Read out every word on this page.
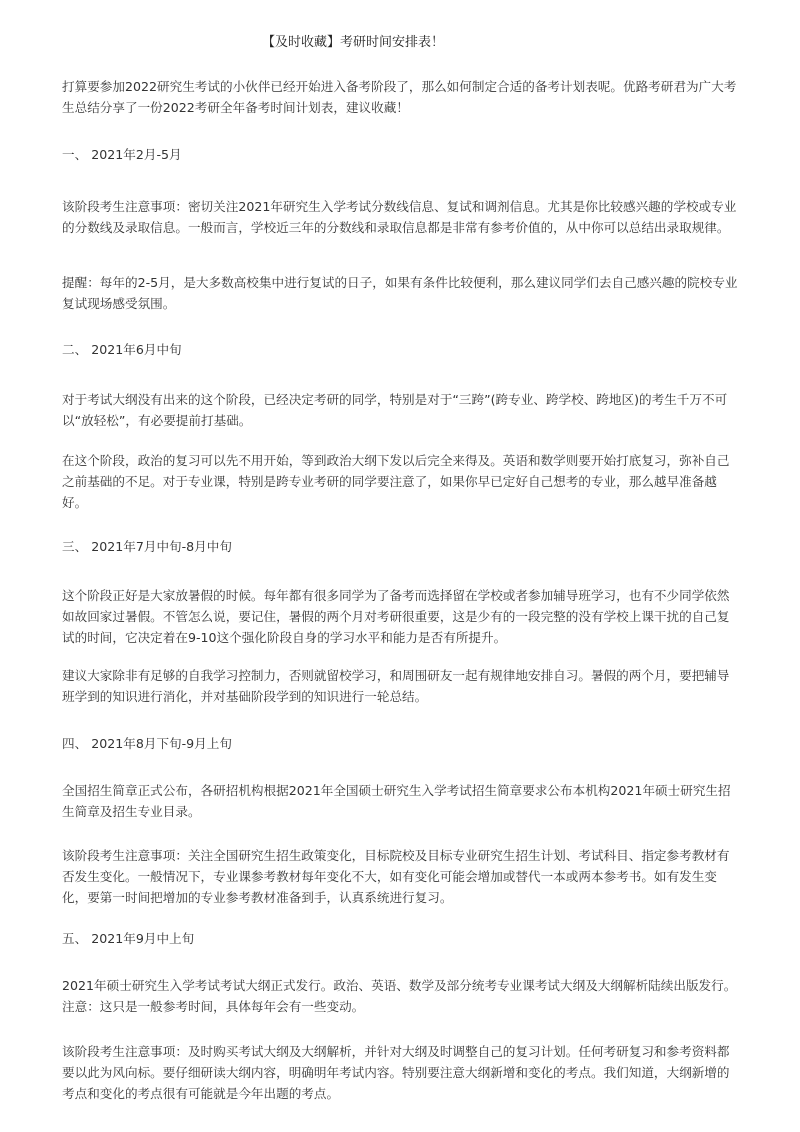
【及时收藏】考研时间安排表！

打算要参加2022研究生考试的小伙伴已经开始进入备考阶段了，那么如何制定合适的备考计划表呢。优路考研君为广大考生总结分享了一份2022考研全年备考时间计划表，建议收藏！

一、 2021年2月-5月

该阶段考生注意事项：密切关注2021年研究生入学考试分数线信息、复试和调剂信息。尤其是你比较感兴趣的学校或专业的分数线及录取信息。一般而言，学校近三年的分数线和录取信息都是非常有参考价值的，从中你可以总结出录取规律。

提醒：每年的2-5月，是大多数高校集中进行复试的日子，如果有条件比较便利，那么建议同学们去自己感兴趣的院校专业复试现场感受氛围。

二、 2021年6月中旬

对于考试大纲没有出来的这个阶段，已经决定考研的同学，特别是对于“三跨”(跨专业、跨学校、跨地区)的考生千万不可以“放轻松”，有必要提前打基础。

在这个阶段，政治的复习可以先不用开始，等到政治大纲下发以后完全来得及。英语和数学则要开始打底复习，弥补自己之前基础的不足。对于专业课，特别是跨专业考研的同学要注意了，如果你早已定好自己想考的专业，那么越早准备越好。

三、 2021年7月中旬-8月中旬

这个阶段正好是大家放暑假的时候。每年都有很多同学为了备考而选择留在学校或者参加辅导班学习，也有不少同学依然如故回家过暑假。不管怎么说，要记住，暑假的两个月对考研很重要，这是少有的一段完整的没有学校上课干扰的自己复试的时间，它决定着在9-10这个强化阶段自身的学习水平和能力是否有所提升。

建议大家除非有足够的自我学习控制力，否则就留校学习，和周围研友一起有规律地安排自习。暑假的两个月，要把辅导班学到的知识进行消化，并对基础阶段学到的知识进行一轮总结。

四、 2021年8月下旬-9月上旬

全国招生简章正式公布，各研招机构根据2021年全国硕士研究生入学考试招生简章要求公布本机构2021年硕士研究生招生简章及招生专业目录。

该阶段考生注意事项：关注全国研究生招生政策变化，目标院校及目标专业研究生招生计划、考试科目、指定参考教材有否发生变化。一般情况下，专业课参考教材每年变化不大，如有变化可能会增加或替代一本或两本参考书。如有发生变化，要第一时间把增加的专业参考教材准备到手，认真系统进行复习。

五、 2021年9月中上旬

2021年硕士研究生入学考试考试大纲正式发行。政治、英语、数学及部分统考专业课考试大纲及大纲解析陆续出版发行。注意：这只是一般参考时间，具体每年会有一些变动。

该阶段考生注意事项：及时购买考试大纲及大纲解析，并针对大纲及时调整自己的复习计划。任何考研复习和参考资料都要以此为风向标。要仔细研读大纲内容，明确明年考试内容。特别要注意大纲新增和变化的考点。我们知道，大纲新增的考点和变化的考点很有可能就是今年出题的考点。
